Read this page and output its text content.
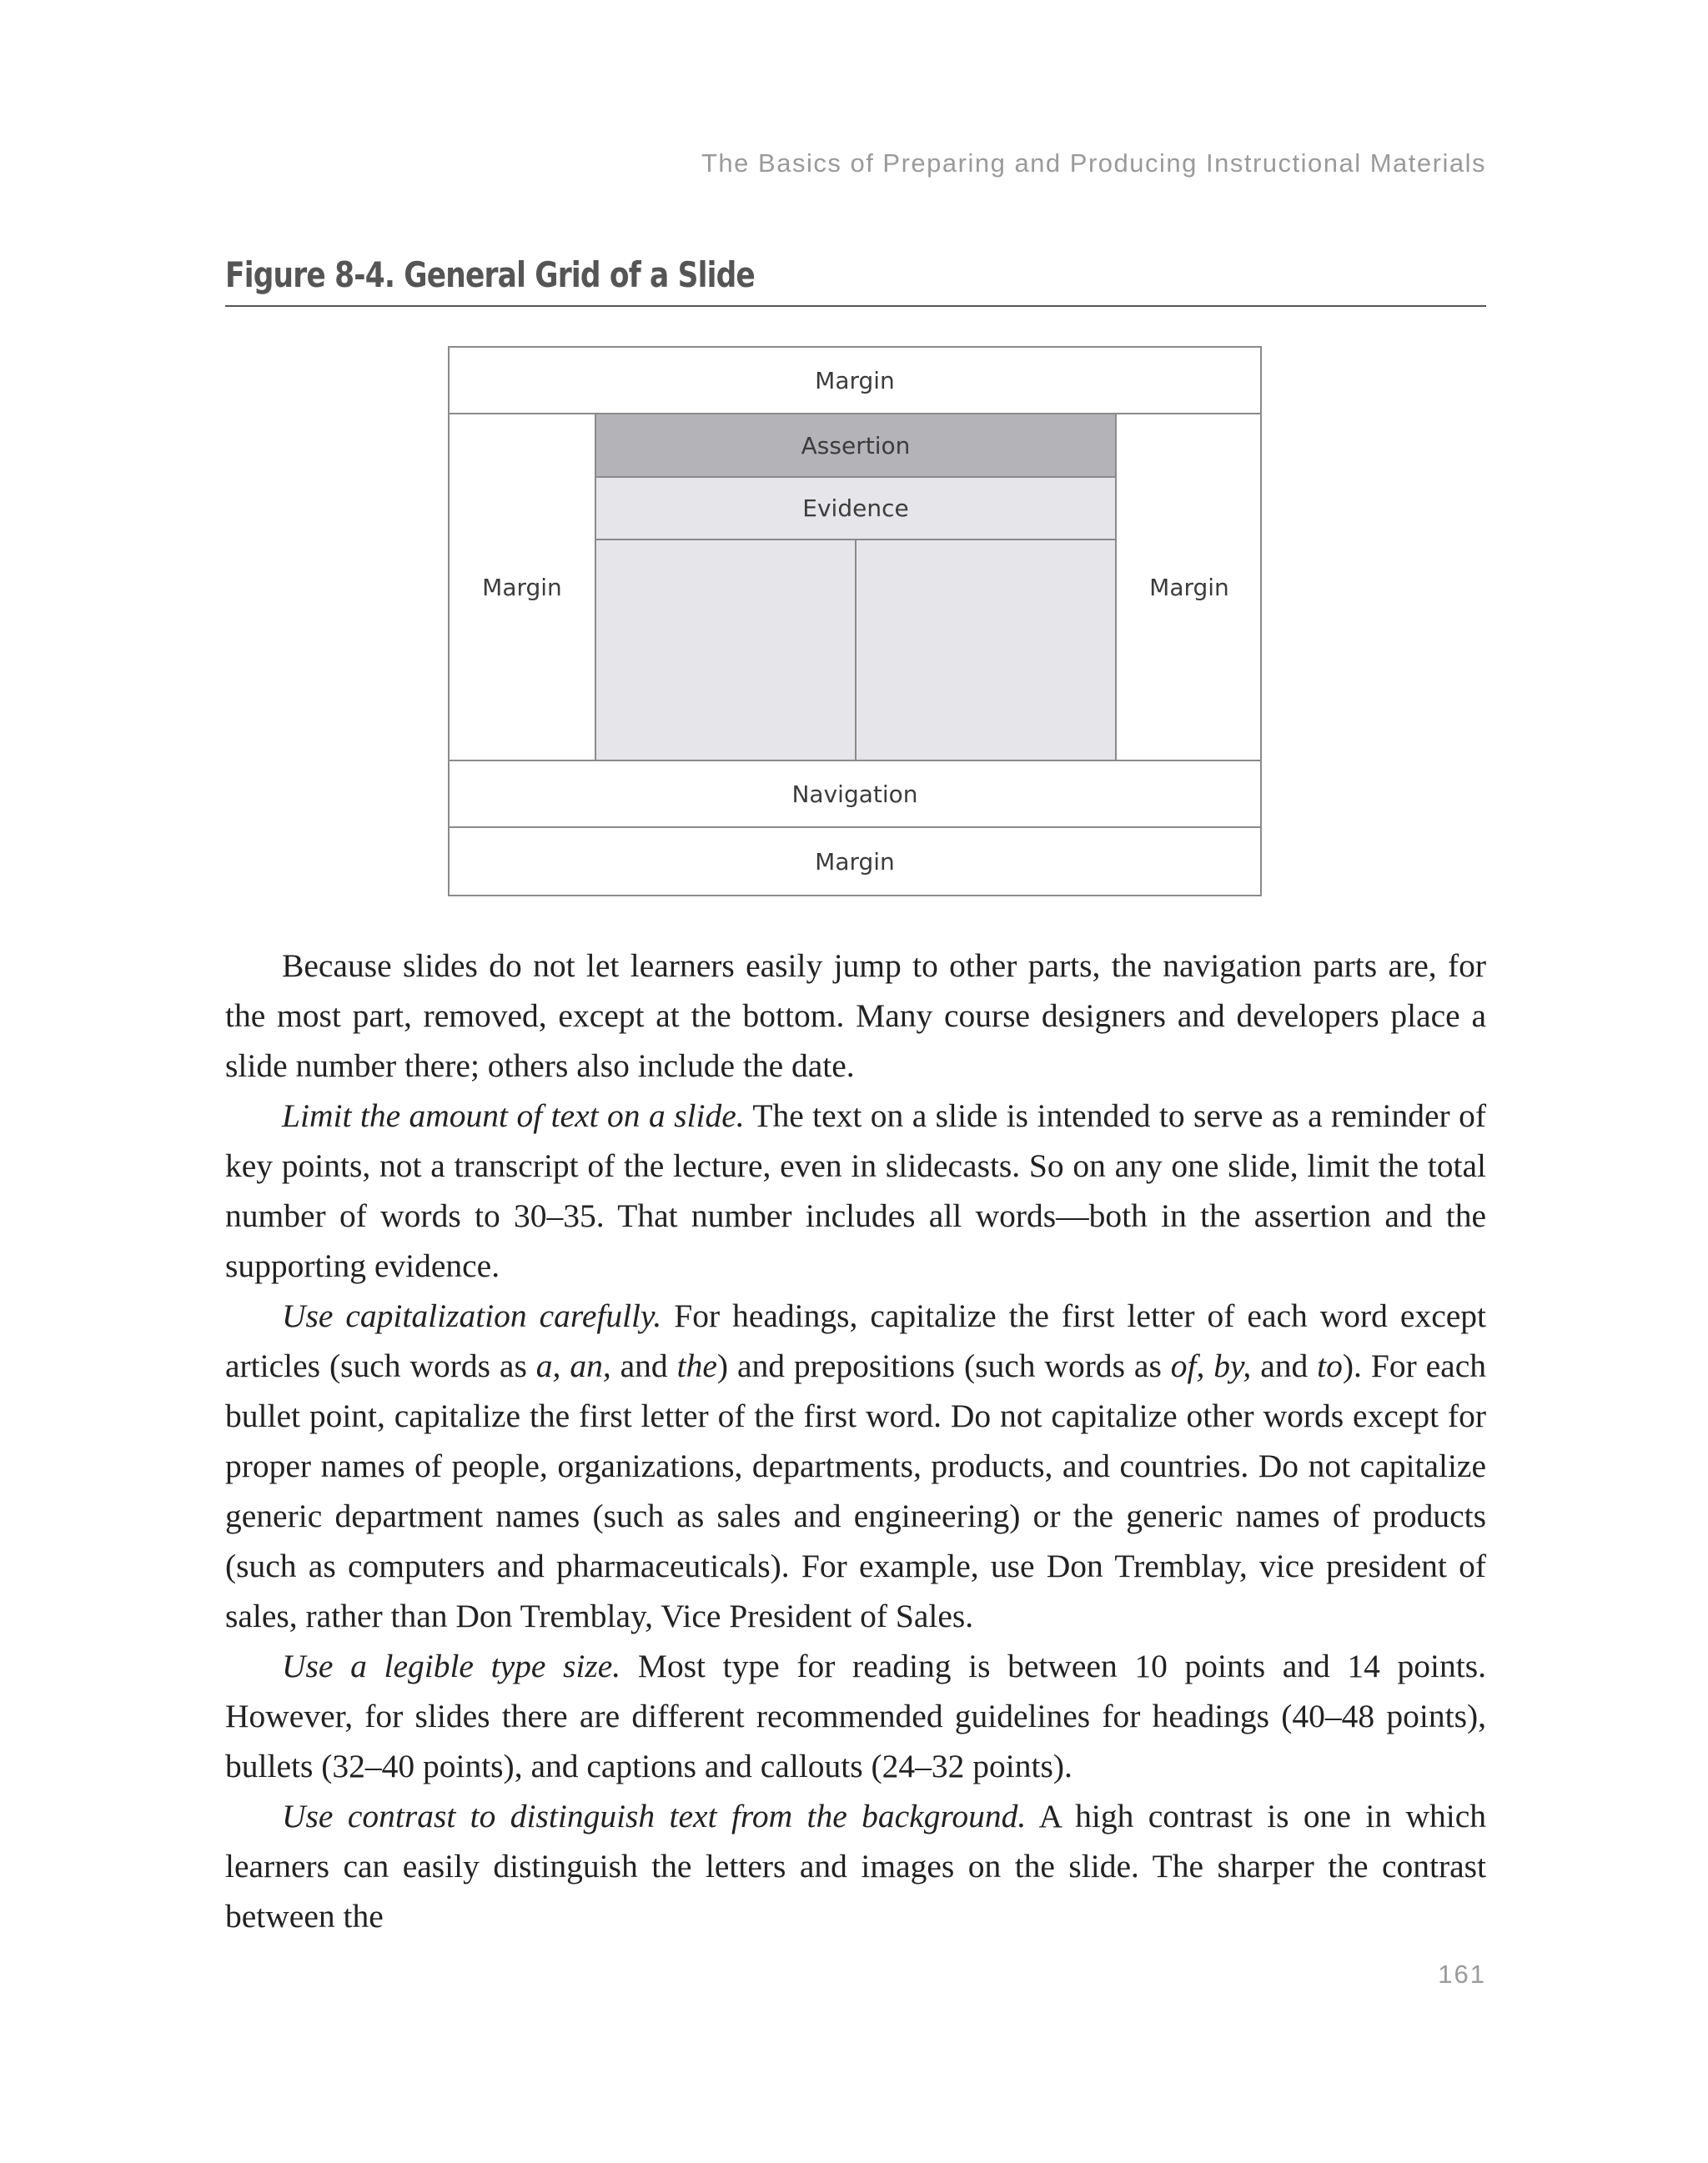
The Basics of Preparing and Producing Instructional Materials
Figure 8-4. General Grid of a Slide
Margin
Margin
Assertion
Evidence
Margin
Navigation
Margin

Because slides do not let learners easily jump to other parts, the navigation parts are, for the most part, removed, except at the bottom. Many course designers and developers place a slide number there; others also include the date.

Limit the amount of text on a slide. The text on a slide is intended to serve as a reminder of key points, not a transcript of the lecture, even in slidecasts. So on any one slide, limit the total number of words to 30–35. That number includes all words—both in the assertion and the supporting evidence.

Use capitalization carefully. For headings, capitalize the first letter of each word except articles (such words as a, an, and the) and prepositions (such words as of, by, and to). For each bullet point, capitalize the first letter of the first word. Do not capitalize other words except for proper names of people, organizations, departments, products, and countries. Do not capitalize generic department names (such as sales and engineering) or the generic names of products (such as computers and pharmaceuticals). For example, use Don Tremblay, vice president of sales, rather than Don Tremblay, Vice President of Sales.

Use a legible type size. Most type for reading is between 10 points and 14 points. However, for slides there are different recommended guidelines for headings (40–48 points), bullets (32–40 points), and captions and callouts (24–32 points).

Use contrast to distinguish text from the background. A high contrast is one in which learners can easily distinguish the letters and images on the slide. The sharper the contrast between the

161
